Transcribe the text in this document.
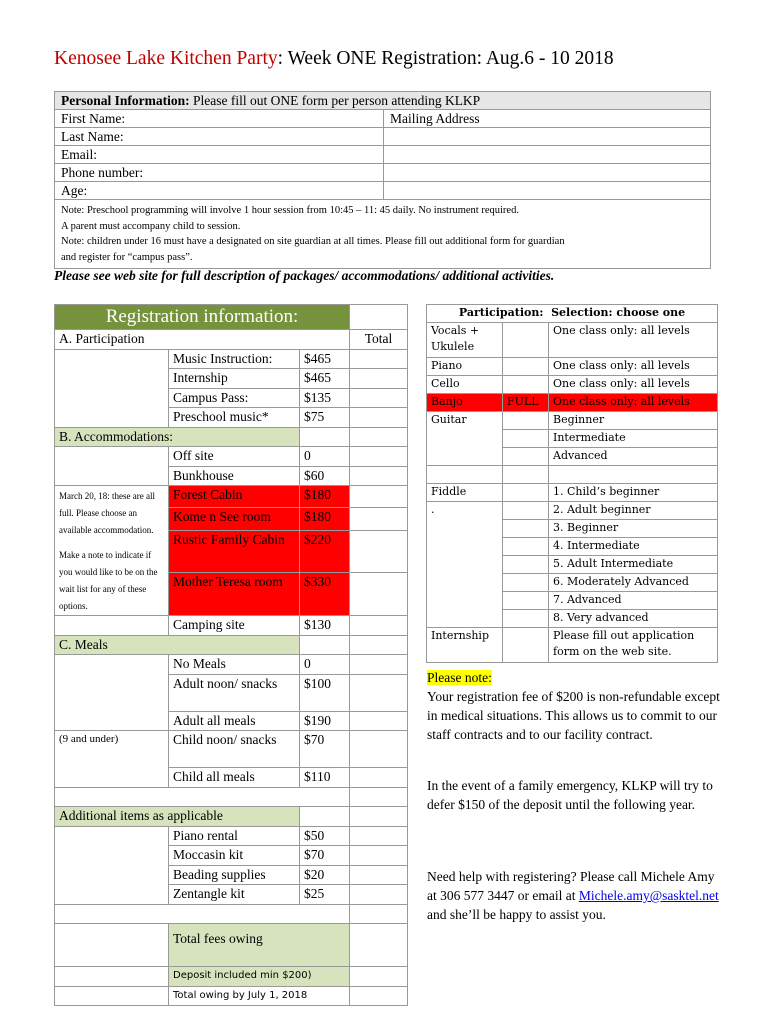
Kenosee Lake Kitchen Party: Week ONE Registration: Aug.6 - 10 2018
Personal Information: Please fill out ONE form per person attending KLKP	
First Name:	Mailing Address
Last Name:	
Email:	
Phone number:	
Age:	

Note: Preschool programming will involve 1 hour session from 10:45 – 11: 45 daily. No instrument required.
A parent must accompany child to session.
Note: children under 16 must have a designated on site guardian at all times. Please fill out additional form for guardian
and register for “campus pass”.	
Please see web site for full description of packages/ accommodations/ additional activities.
Registration information:			
A. Participation			Total
	Music Instruction:	$465	
	Internship	$465	
	Campus Pass:	$135	
	Preschool music*	$75	
B. Accommodations:			
	Off site	0	
	Bunkhouse	$60	

March 20, 18: these are all full. Please choose an available accommodation.
Make a note to indicate if you would like to be on the wait list for any of these options.	Forest Cabin	$180	
	Kome n See room	$180	
	Rustic Family Cabin	$220	
	Mother Teresa room	$330	
	Camping site	$130	
C. Meals			
	No Meals	0	
	Adult noon/ snacks	$100	
	Adult all meals	$190	
(9 and under)	Child noon/ snacks	$70	
	Child all meals	$110	

Additional items as applicable			
	Piano rental	$50	
	Moccasin kit	$70	
	Beading supplies	$20	
	Zentangle kit	$25	

	Total fees owing		
	Deposit included min $200)		
	Total owing by July 1, 2018		
Participation: Selection: choose one		
Vocals + Ukulele		One class only: all levels
Piano		One class only: all levels
Cello		One class only: all levels
Banjo	FULL	One class only: all levels
Guitar		Beginner
		Intermediate
		Advanced

Fiddle		1. Child’s beginner
.		2. Adult beginner
		3. Beginner
		4. Intermediate
		5. Adult Intermediate
		6. Moderately Advanced
		7. Advanced
		8. Very advanced
Internship		Please fill out application form on the web site.
Please note:
Your registration fee of $200 is non-refundable except in medical situations. This allows us to commit to our staff contracts and to our facility contract.
In the event of a family emergency, KLKP will try to defer $150 of the deposit until the following year.
Need help with registering? Please call Michele Amy at 306 577 3447 or email at Michele.amy@sasktel.net and she’ll be happy to assist you.
